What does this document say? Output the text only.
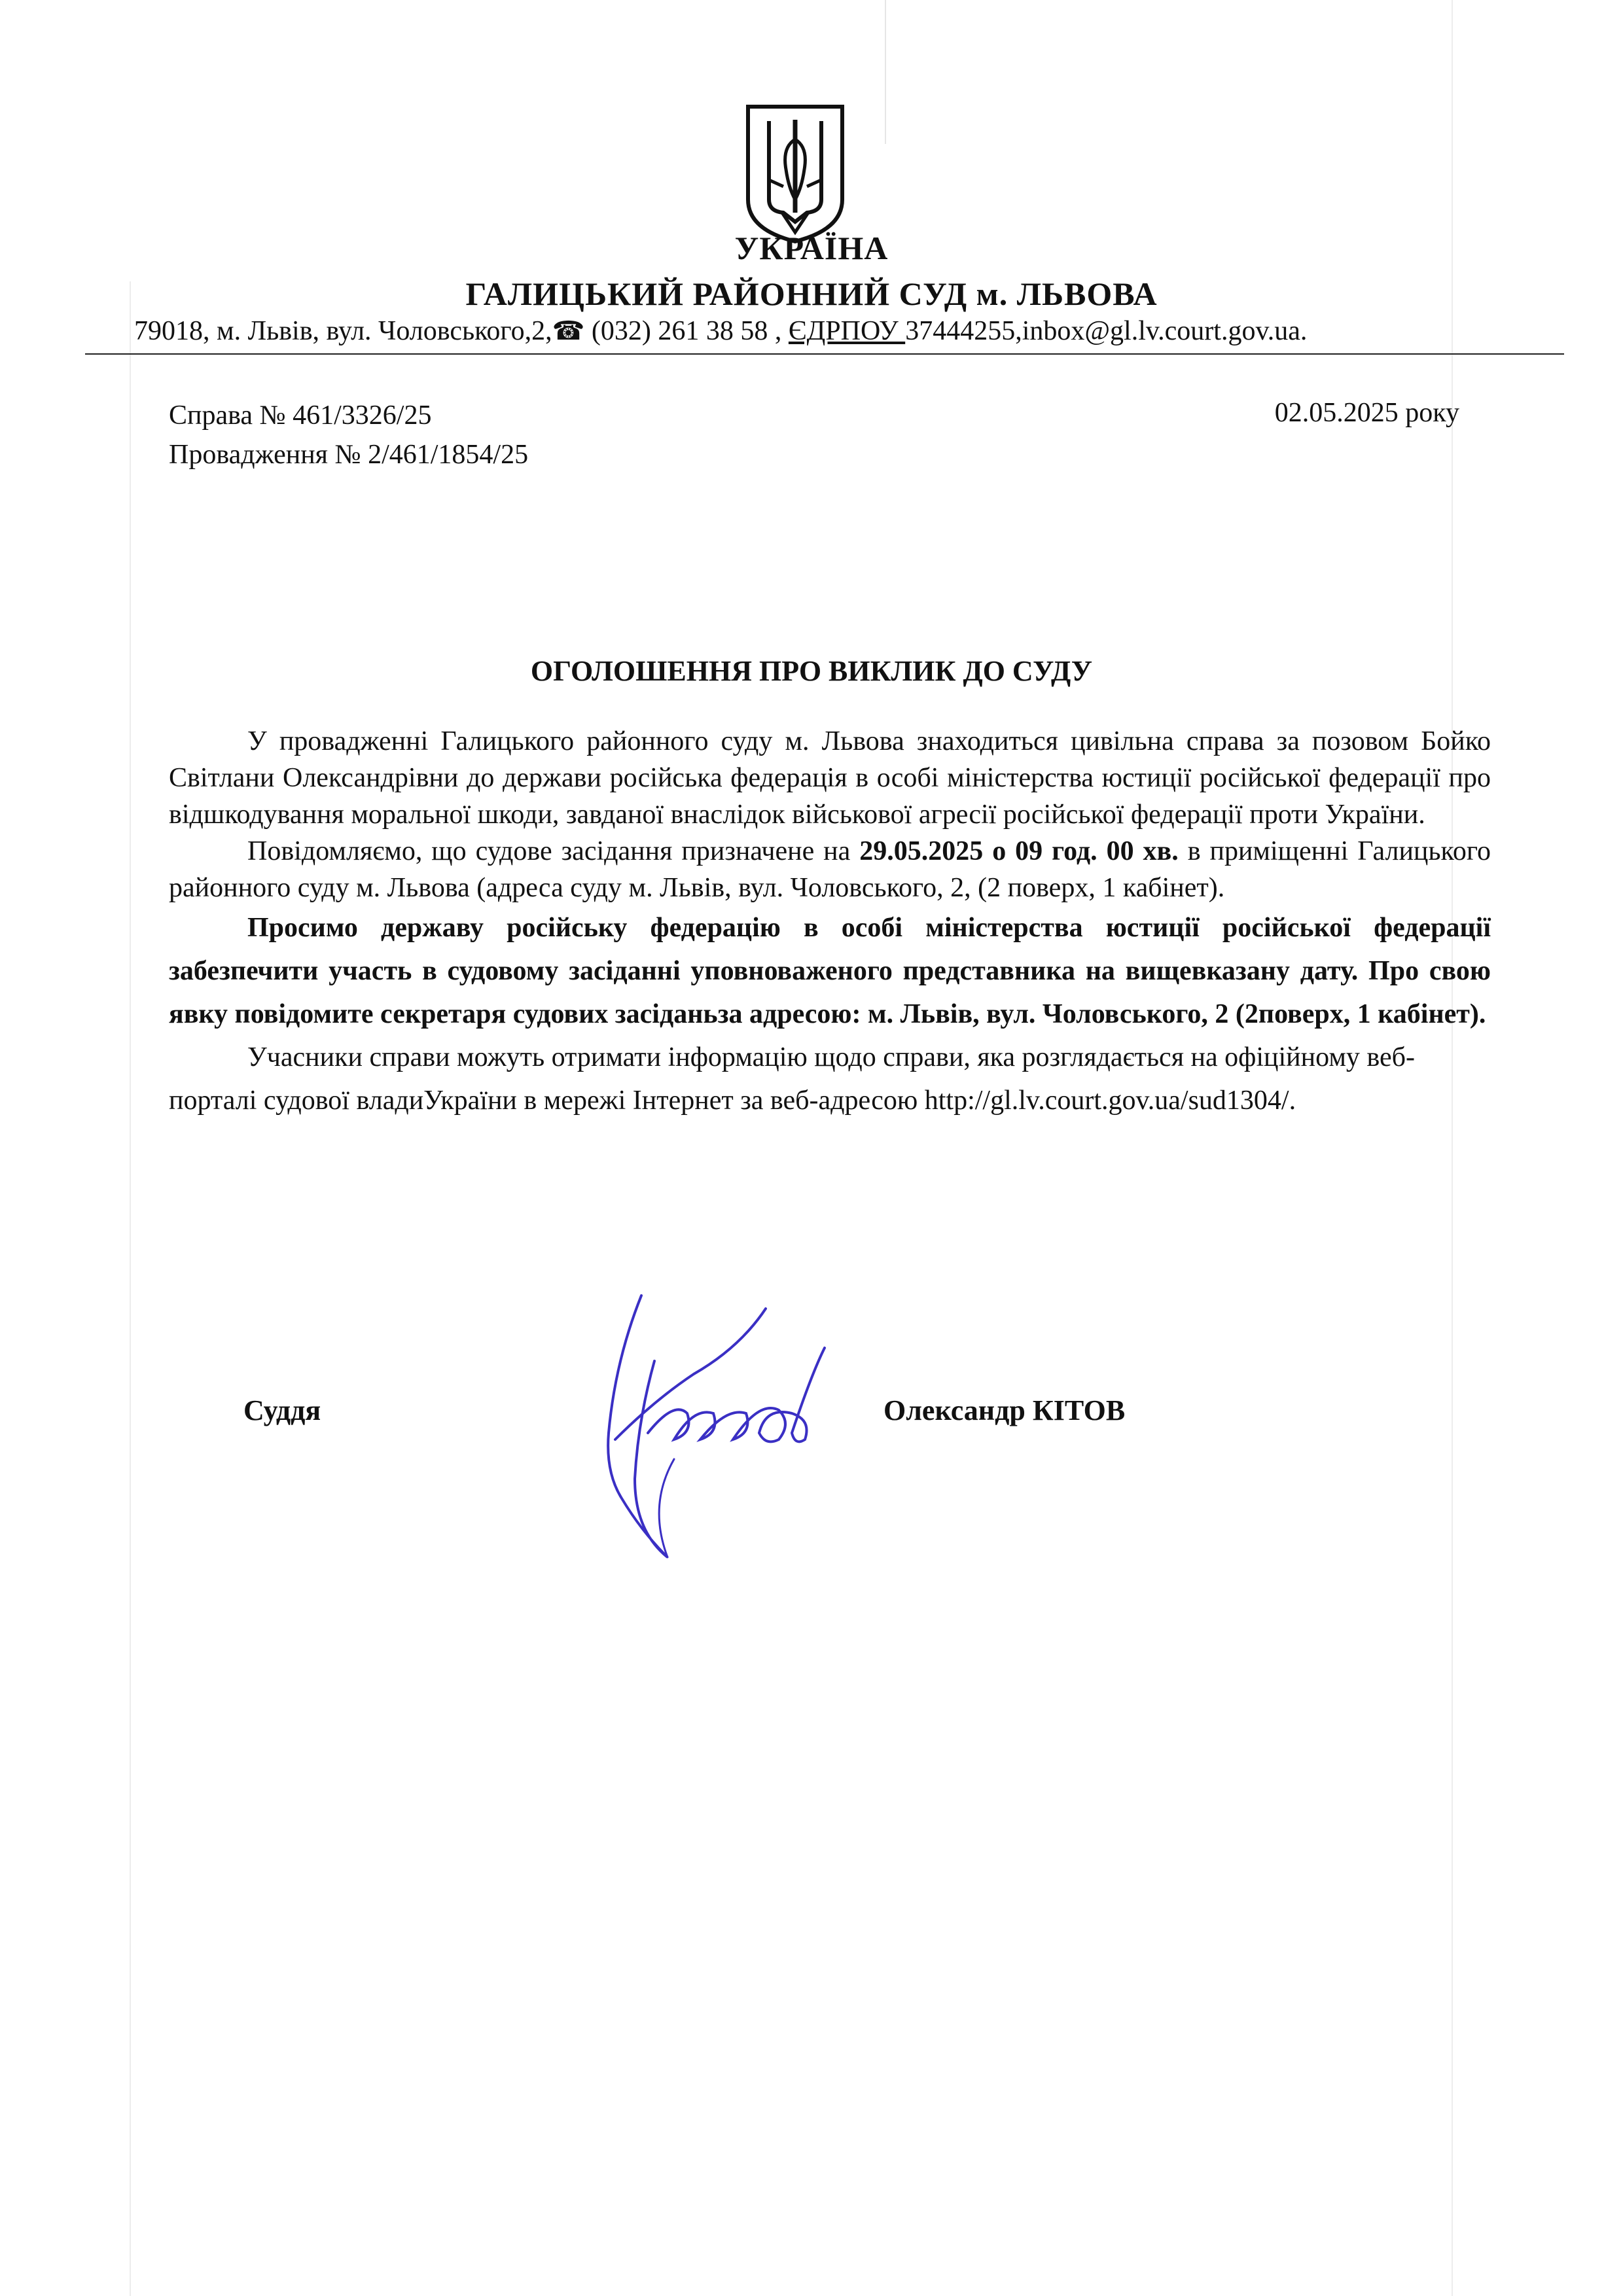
УКРАЇНА
ГАЛИЦЬКИЙ РАЙОННИЙ СУД м. ЛЬВОВА
79018, м. Львів, вул. Чоловського,2,☎ (032) 261 38 58 , ЄДРПОУ 37444255,inbox@gl.lv.court.gov.ua.
Справа № 461/3326/25
Провадження № 2/461/1854/25
02.05.2025 року
ОГОЛОШЕННЯ ПРО ВИКЛИК ДО СУДУ

У провадженні Галицького районного суду м. Львова знаходиться цивільна справа за позовом Бойко Світлани Олександрівни до держави російська федерація в особі міністерства юстиції російської федерації про відшкодування моральної шкоди, завданої внаслідок військової агресії російської федерації проти України.

Повідомляємо, що судове засідання призначене на 29.05.2025 о 09 год. 00 хв. в приміщенні Галицького районного суду м. Львова (адреса суду м. Львів, вул. Чоловського, 2, (2 поверх, 1 кабінет).

Просимо державу російську федерацію в особі міністерства юстиції російської федерації забезпечити участь в судовому засіданні уповноваженого представника на вищевказану дату. Про свою явку повідомите секретаря судових засіданьза адресою: м. Львів, вул. Чоловського, 2 (2поверх, 1 кабінет).

Учасники справи можуть отримати інформацію щодо справи, яка розглядається на офіційному веб-порталі судової владиУкраїни в мережі Інтернет за веб-адресою http://gl.lv.court.gov.ua/sud1304/.

Суддя	Олександр КІТОВ
